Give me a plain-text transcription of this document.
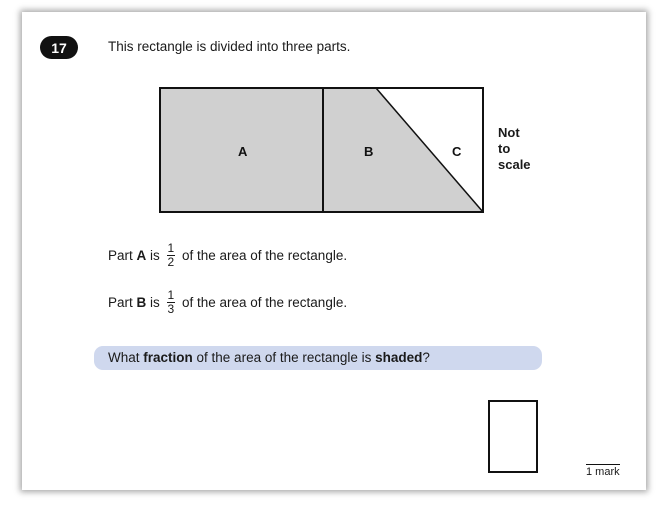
17	This rectangle is divided into three parts.
A	B	C
Not
to
scale
Part A is $\frac{1}{2}$ of the area of the rectangle.
Part B is $\frac{1}{3}$ of the area of the rectangle.
What fraction of the area of the rectangle is shaded?
1 mark
